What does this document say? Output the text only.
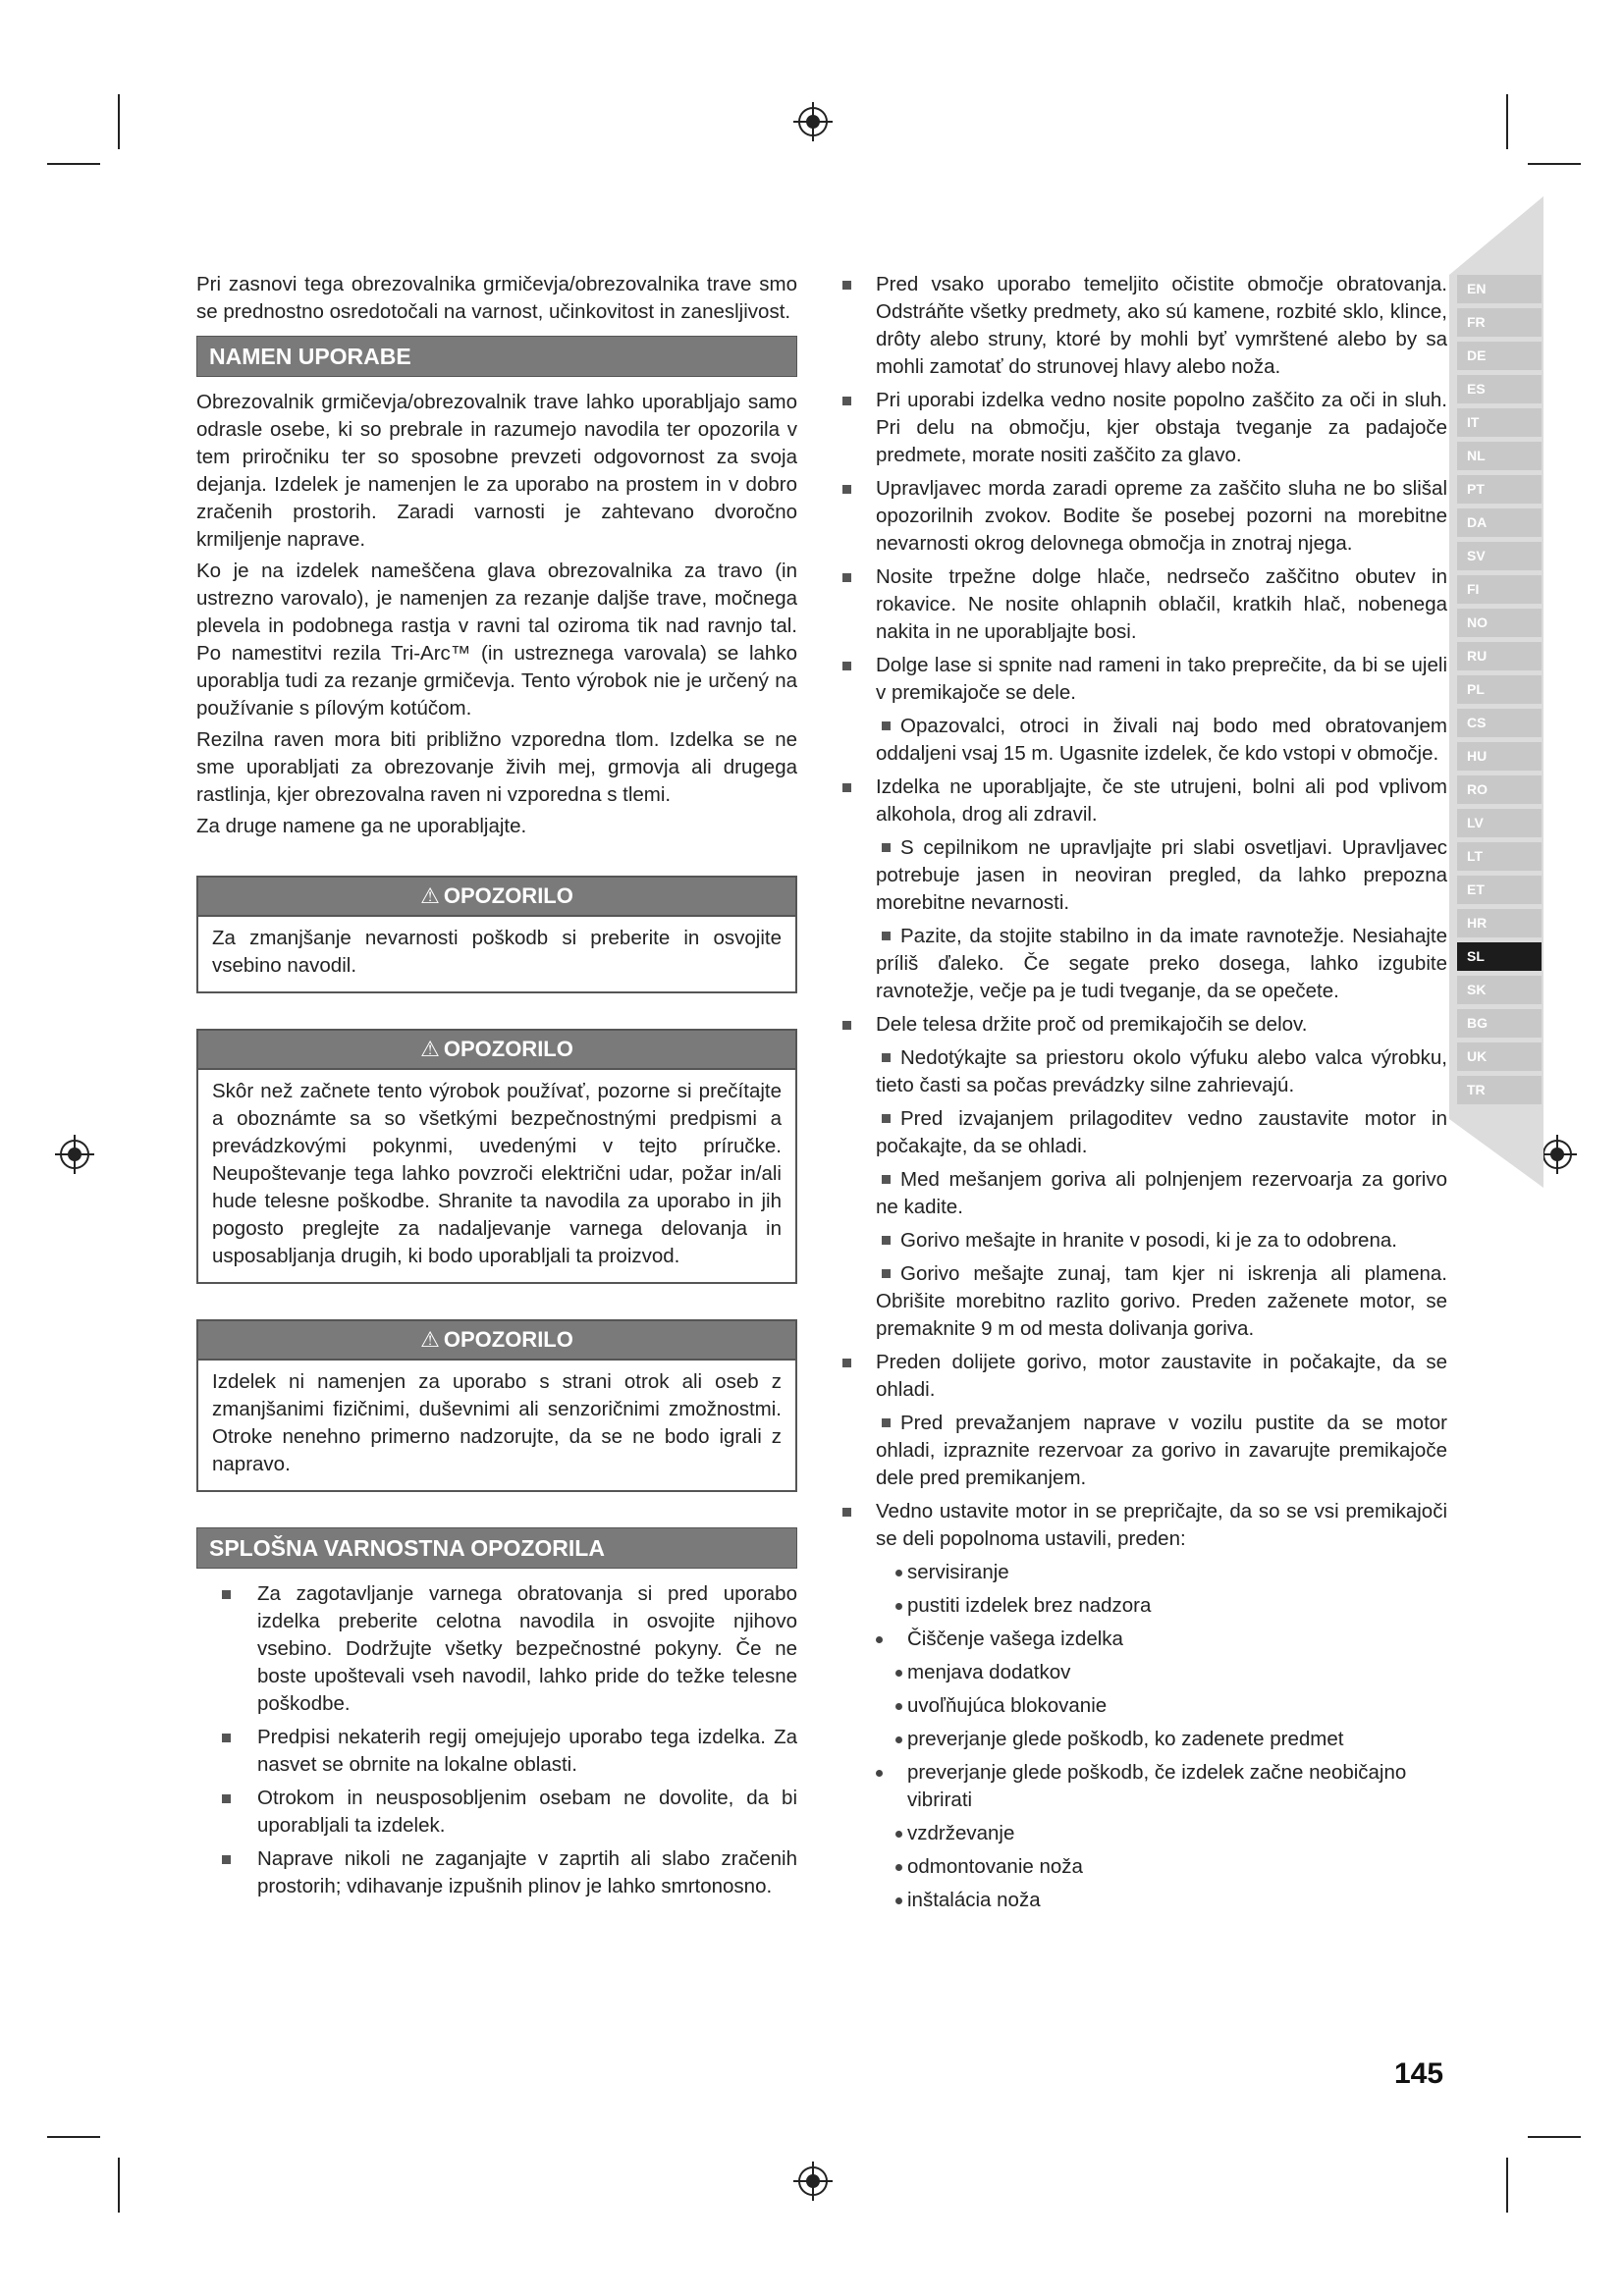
Pri zasnovi tega obrezovalnika grmičevja/obrezovalnika trave smo se prednostno osredotočali na varnost, učinkovitost in zanesljivost.

NAMEN UPORABE

Obrezovalnik grmičevja/obrezovalnik trave lahko uporabljajo samo odrasle osebe, ki so prebrale in razumejo navodila ter opozorila v tem priročniku ter so sposobne prevzeti odgovornost za svoja dejanja. Izdelek je namenjen le za uporabo na prostem in v dobro zračenih prostorih. Zaradi varnosti je zahtevano dvoročno krmiljenje naprave.

Ko je na izdelek nameščena glava obrezovalnika za travo (in ustrezno varovalo), je namenjen za rezanje daljše trave, močnega plevela in podobnega rastja v ravni tal oziroma tik nad ravnjo tal. Po namestitvi rezila Tri-Arc™ (in ustreznega varovala) se lahko uporablja tudi za rezanje grmičevja. Tento výrobok nie je určený na používanie s pílovým kotúčom.

Rezilna raven mora biti približno vzporedna tlom. Izdelka se ne sme uporabljati za obrezovanje živih mej, grmovja ali drugega rastlinja, kjer obrezovalna raven ni vzporedna s tlemi.

Za druge namene ga ne uporabljajte.

⚠ OPOZORILO

Za zmanjšanje nevarnosti poškodb si preberite in osvojite vsebino navodil.

⚠ OPOZORILO

Skôr než začnete tento výrobok používať, pozorne si prečítajte a oboznámte sa so všetkými bezpečnostnými predpismi a prevádzkovými pokynmi, uvedenými v tejto príručke. Neupoštevanje tega lahko povzroči električni udar, požar in/ali hude telesne poškodbe. Shranite ta navodila za uporabo in jih pogosto preglejte za nadaljevanje varnega delovanja in usposabljanja drugih, ki bodo uporabljali ta proizvod.

⚠ OPOZORILO

Izdelek ni namenjen za uporabo s strani otrok ali oseb z zmanjšanimi fizičnimi, duševnimi ali senzoričnimi zmožnostmi. Otroke nenehno primerno nadzorujte, da se ne bodo igrali z napravo.

SPLOŠNA VARNOSTNA OPOZORILA
Za zagotavljanje varnega obratovanja si pred uporabo izdelka preberite celotna navodila in osvojite njihovo vsebino. Dodržujte všetky bezpečnostné pokyny. Če ne boste upoštevali vseh navodil, lahko pride do težke telesne poškodbe.
Predpisi nekaterih regij omejujejo uporabo tega izdelka. Za nasvet se obrnite na lokalne oblasti.
Otrokom in neusposobljenim osebam ne dovolite, da bi uporabljali ta izdelek.
Naprave nikoli ne zaganjajte v zaprtih ali slabo zračenih prostorih; vdihavanje izpušnih plinov je lahko smrtonosno.
Pred vsako uporabo temeljito očistite območje obratovanja. Odstráňte všetky predmety, ako sú kamene, rozbité sklo, klince, drôty alebo struny, ktoré by mohli byť vymrštené alebo by sa mohli zamotať do strunovej hlavy alebo noža.
Pri uporabi izdelka vedno nosite popolno zaščito za oči in sluh. Pri delu na območju, kjer obstaja tveganje za padajoče predmete, morate nositi zaščito za glavo.
Upravljavec morda zaradi opreme za zaščito sluha ne bo slišal opozorilnih zvokov. Bodite še posebej pozorni na morebitne nevarnosti okrog delovnega območja in znotraj njega.
Nosite trpežne dolge hlače, nedrsečo zaščitno obutev in rokavice. Ne nosite ohlapnih oblačil, kratkih hlač, nobenega nakita in ne uporabljajte bosi.
Dolge lase si spnite nad rameni in tako preprečite, da bi se ujeli v premikajoče se dele.
Opazovalci, otroci in živali naj bodo med obratovanjem oddaljeni vsaj 15 m. Ugasnite izdelek, če kdo vstopi v območje.
Izdelka ne uporabljajte, če ste utrujeni, bolni ali pod vplivom alkohola, drog ali zdravil.
S cepilnikom ne upravljajte pri slabi osvetljavi. Upravljavec potrebuje jasen in neoviran pregled, da lahko prepozna morebitne nevarnosti.
Pazite, da stojite stabilno in da imate ravnotežje. Nesiahajte príliš ďaleko. Če segate preko dosega, lahko izgubite ravnotežje, večje pa je tudi tveganje, da se opečete.
Dele telesa držite proč od premikajočih se delov.
Nedotýkajte sa priestoru okolo výfuku alebo valca výrobku, tieto časti sa počas prevádzky silne zahrievajú.
Pred izvajanjem prilagoditev vedno zaustavite motor in počakajte, da se ohladi.
Med mešanjem goriva ali polnjenjem rezervoarja za gorivo ne kadite.
Gorivo mešajte in hranite v posodi, ki je za to odobrena.
Gorivo mešajte zunaj, tam kjer ni iskrenja ali plamena. Obrišite morebitno razlito gorivo. Preden zaženete motor, se premaknite 9 m od mesta dolivanja goriva.
Preden dolijete gorivo, motor zaustavite in počakajte, da se ohladi.
Pred prevažanjem naprave v vozilu pustite da se motor ohladi, izpraznite rezervoar za gorivo in zavarujte premikajoče dele pred premikanjem.
Vedno ustavite motor in se prepričajte, da so se vsi premikajoči se deli popolnoma ustavili, preden:
servisiranje
pustiti izdelek brez nadzora
Čiščenje vašega izdelka
menjava dodatkov
uvoľňujúca blokovanie
preverjanje glede poškodb, ko zadenete predmet
preverjanje glede poškodb, če izdelek začne neobičajno vibrirati
vzdrževanje
odmontovanie noža
inštalácia noža
EN
FR
DE
ES
IT
NL
PT
DA
SV
FI
NO
RU
PL
CS
HU
RO
LV
LT
ET
HR
SL
SK
BG
UK
TR
145
